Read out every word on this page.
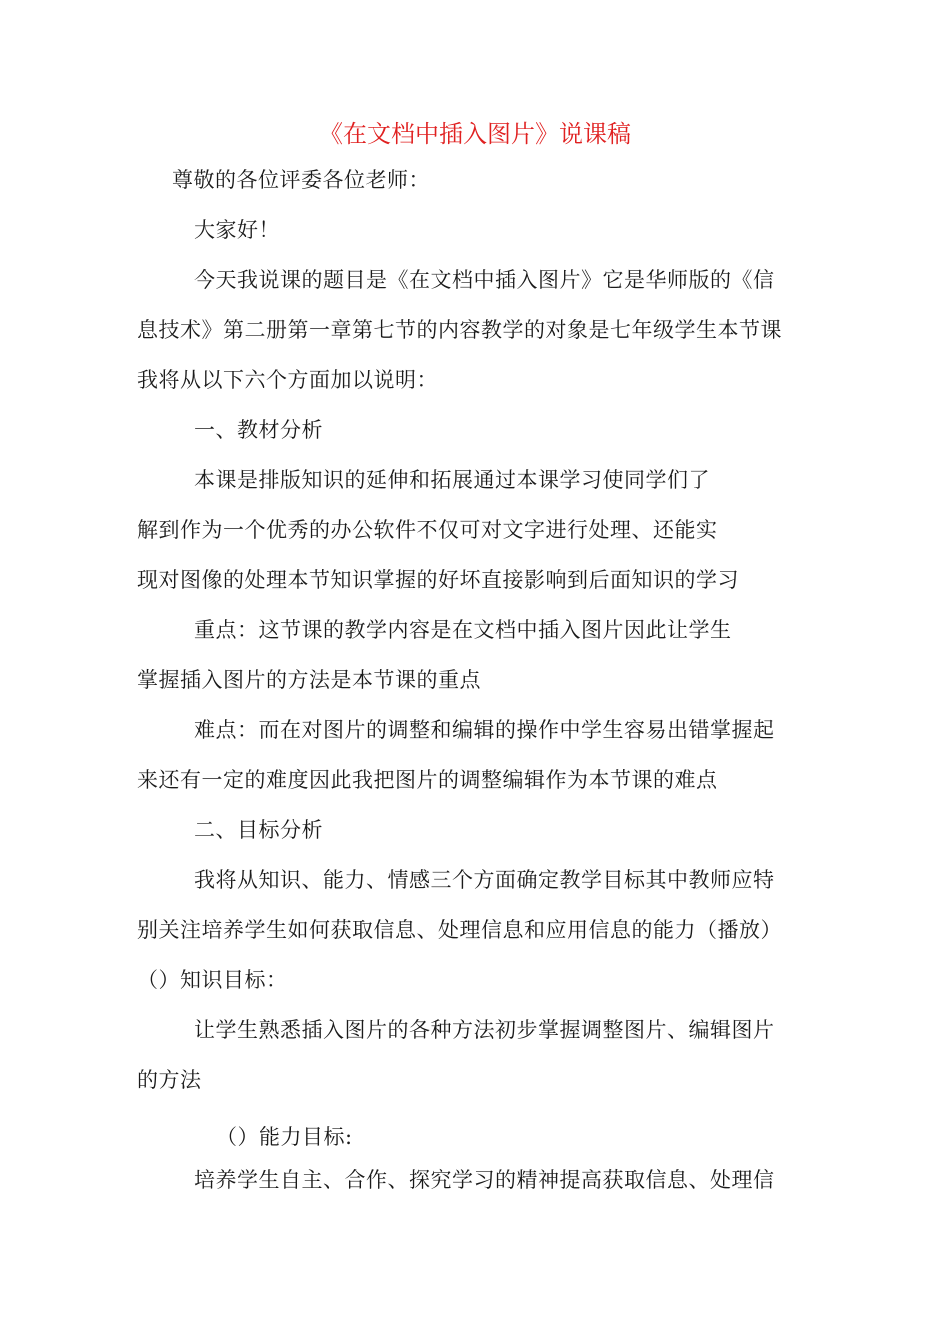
《在文档中插入图片》说课稿
尊敬的各位评委各位老师：
大家好！
今天我说课的题目是《在文档中插入图片》它是华师版的《信
息技术》第二册第一章第七节的内容教学的对象是七年级学生本节课
我将从以下六个方面加以说明：
一、教材分析
本课是排版知识的延伸和拓展通过本课学习使同学们了
解到作为一个优秀的办公软件不仅可对文字进行处理、还能实
现对图像的处理本节知识掌握的好坏直接影响到后面知识的学习
重点：这节课的教学内容是在文档中插入图片因此让学生
掌握插入图片的方法是本节课的重点
难点：而在对图片的调整和编辑的操作中学生容易出错掌握起
来还有一定的难度因此我把图片的调整编辑作为本节课的难点
二、目标分析
我将从知识、能力、情感三个方面确定教学目标其中教师应特
别关注培养学生如何获取信息、处理信息和应用信息的能力（播放）
（）知识目标：
让学生熟悉插入图片的各种方法初步掌握调整图片、编辑图片
的方法
（）能力目标:
培养学生自主、合作、探究学习的精神提高获取信息、处理信
